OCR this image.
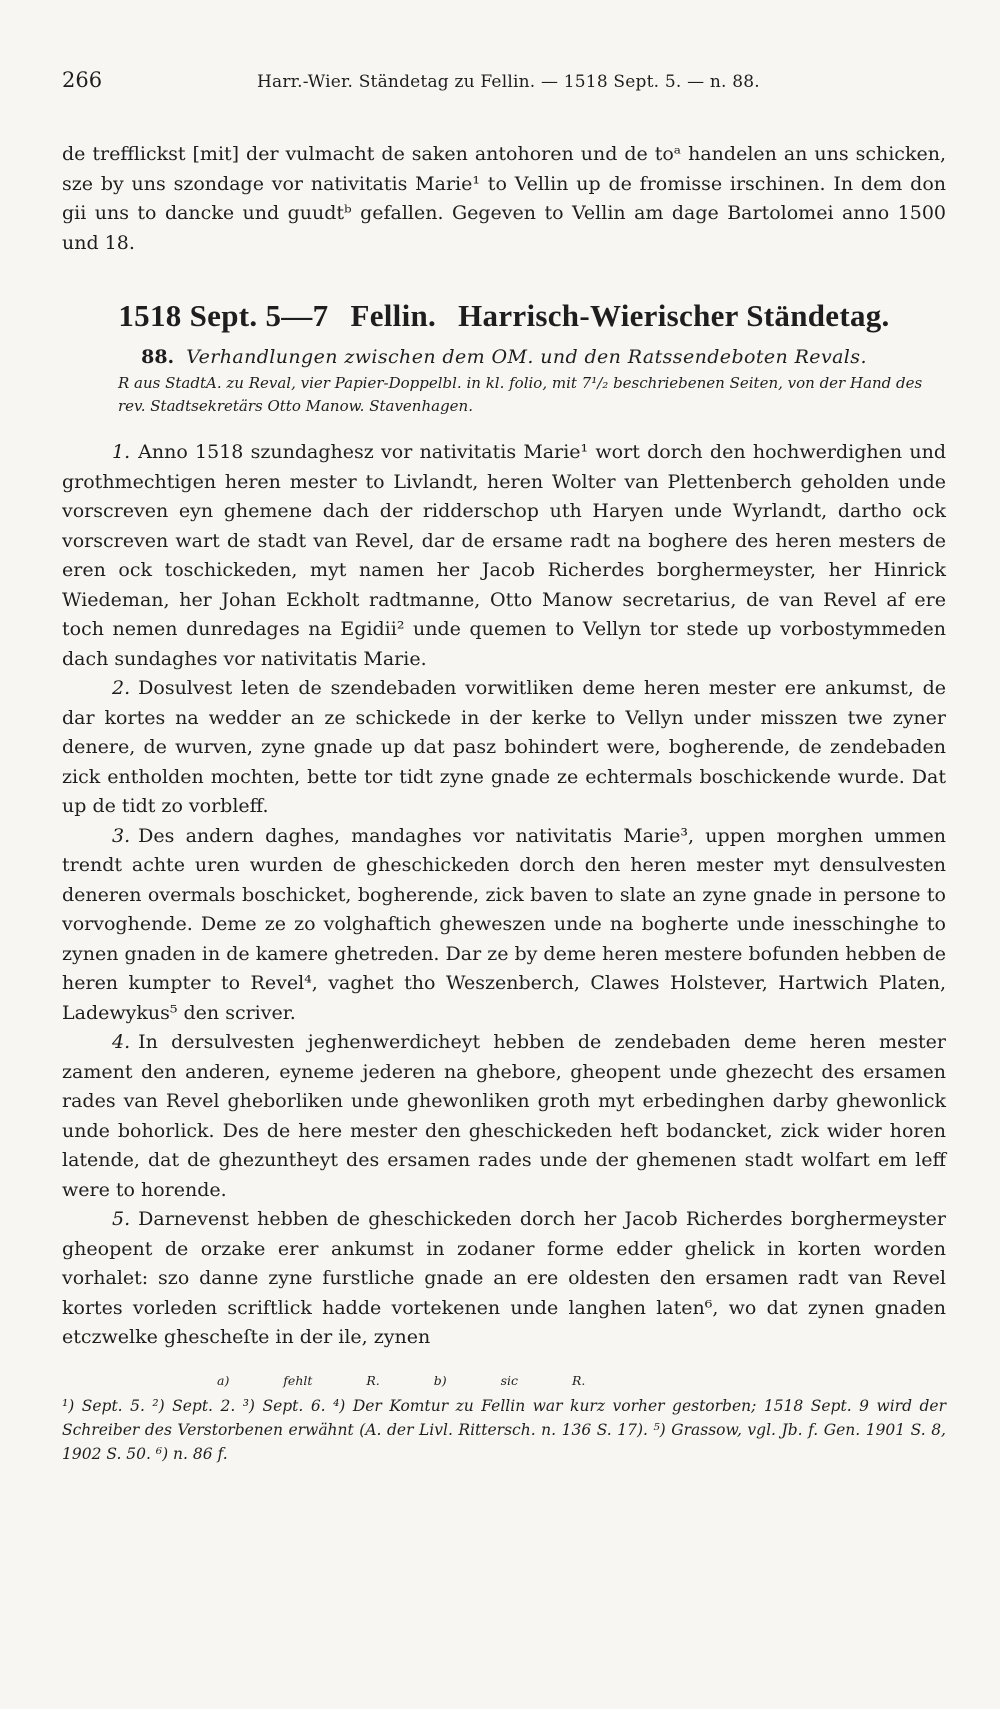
266	Harr.-Wier. Ständetag zu Fellin. — 1518 Sept. 5. — n. 88.

de trefflickst [mit] der vulmacht de saken antohoren und de toᵃ handelen an uns schicken, sze by uns szondage vor nativitatis Marie¹ to Vellin up de fromisse irschinen. In dem don gii uns to dancke und guudtᵇ gefallen. Gegeven to Vellin am dage Bartolomei anno 1500 und 18.

1518 Sept. 5—7 Fellin. Harrisch-Wierischer Ständetag.

88. Verhandlungen zwischen dem OM. und den Ratssendeboten Revals.

R aus StadtA. zu Reval, vier Papier-Doppelbl. in kl. folio, mit 7¹/₂ beschriebenen Seiten, von der Hand des rev. Stadtsekretärs Otto Manow. Stavenhagen.

1. Anno 1518 szundaghesz vor nativitatis Marie¹ wort dorch den hochwerdighen und grothmechtigen heren mester to Livlandt, heren Wolter van Plettenberch geholden unde vorscreven eyn ghemene dach der ridderschop uth Haryen unde Wyrlandt, dartho ock vorscreven wart de stadt van Revel, dar de ersame radt na boghere des heren mesters de eren ock toschickeden, myt namen her Jacob Richerdes borghermeyster, her Hinrick Wiedeman, her Johan Eckholt radtmanne, Otto Manow secretarius, de van Revel af ere toch nemen dunredages na Egidii² unde quemen to Vellyn tor stede up vorbostymmeden dach sundaghes vor nativitatis Marie.

2. Dosulvest leten de szendebaden vorwitliken deme heren mester ere ankumst, de dar kortes na wedder an ze schickede in der kerke to Vellyn under misszen twe zyner denere, de wurven, zyne gnade up dat pasz bohindert were, bogherende, de zendebaden zick entholden mochten, bette tor tidt zyne gnade ze echtermals boschickende wurde. Dat up de tidt zo vorbleff.

3. Des andern daghes, mandaghes vor nativitatis Marie³, uppen morghen ummen trendt achte uren wurden de gheschickeden dorch den heren mester myt densulvesten deneren overmals boschicket, bogherende, zick baven to slate an zyne gnade in persone to vorvoghende. Deme ze zo volghaftich gheweszen unde na bogherte unde inesschinghe to zynen gnaden in de kamere ghetreden. Dar ze by deme heren mestere bofunden hebben de heren kumpter to Revel⁴, vaghet tho Weszenberch, Clawes Holstever, Hartwich Platen, Ladewykus⁵ den scriver.

4. In dersulvesten jeghenwerdicheyt hebben de zendebaden deme heren mester zament den anderen, eyneme jederen na ghebore, gheopent unde ghezecht des ersamen rades van Revel gheborliken unde ghewonliken groth myt erbedinghen darby ghewonlick unde bohorlick. Des de here mester den gheschickeden heft bodancket, zick wider horen latende, dat de ghezuntheyt des ersamen rades unde der ghemenen stadt wolfart em leff were to horende.

5. Darnevenst hebben de gheschickeden dorch her Jacob Richerdes borghermeyster gheopent de orzake erer ankumst in zodaner forme edder ghelick in korten worden vorhalet: szo danne zyne furstliche gnade an ere oldesten den ersamen radt van Revel kortes vorleden scriftlick hadde vortekenen unde langhen laten⁶, wo dat zynen gnaden etczwelke ghescheſte in der ile, zynen

a) fehlt R. b) sic R.

¹) Sept. 5. ²) Sept. 2. ³) Sept. 6. ⁴) Der Komtur zu Fellin war kurz vorher gestorben; 1518 Sept. 9 wird der Schreiber des Verstorbenen erwähnt (A. der Livl. Rittersch. n. 136 S. 17). ⁵) Grassow, vgl. Jb. f. Gen. 1901 S. 8, 1902 S. 50. ⁶) n. 86 f.
